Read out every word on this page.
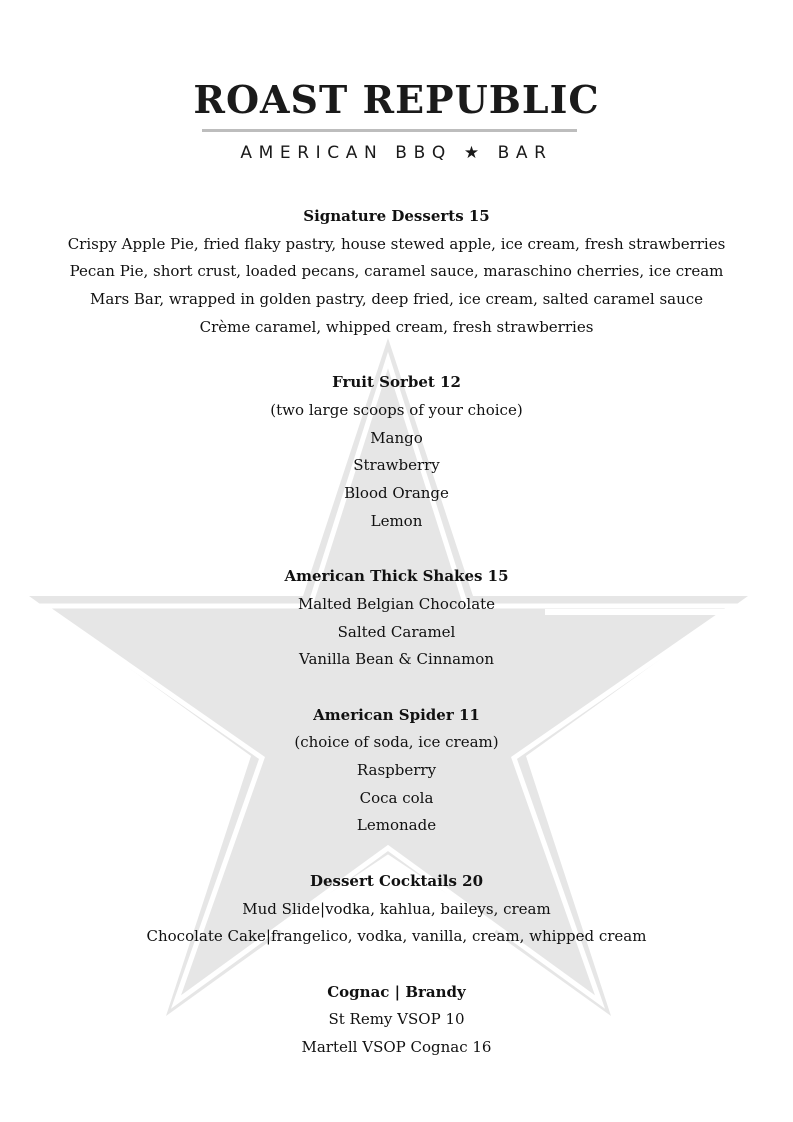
ROAST REPUBLIC
AMERICAN BBQ ★ BAR
Signature Desserts 15
Crispy Apple Pie, fried flaky pastry, house stewed apple, ice cream, fresh strawberries
Pecan Pie, short crust, loaded pecans, caramel sauce, maraschino cherries, ice cream
Mars Bar, wrapped in golden pastry, deep fried, ice cream, salted caramel sauce
Crème caramel, whipped cream, fresh strawberries
Fruit Sorbet 12
(two large scoops of your choice)
Mango
Strawberry
Blood Orange
Lemon
American Thick Shakes 15
Malted Belgian Chocolate
Salted Caramel
Vanilla Bean & Cinnamon
American Spider 11
(choice of soda, ice cream)
Raspberry
Coca cola
Lemonade
Dessert Cocktails 20
Mud Slide|vodka, kahlua, baileys, cream
Chocolate Cake|frangelico, vodka, vanilla, cream, whipped cream
Cognac | Brandy
St Remy VSOP 10
Martell VSOP Cognac 16
